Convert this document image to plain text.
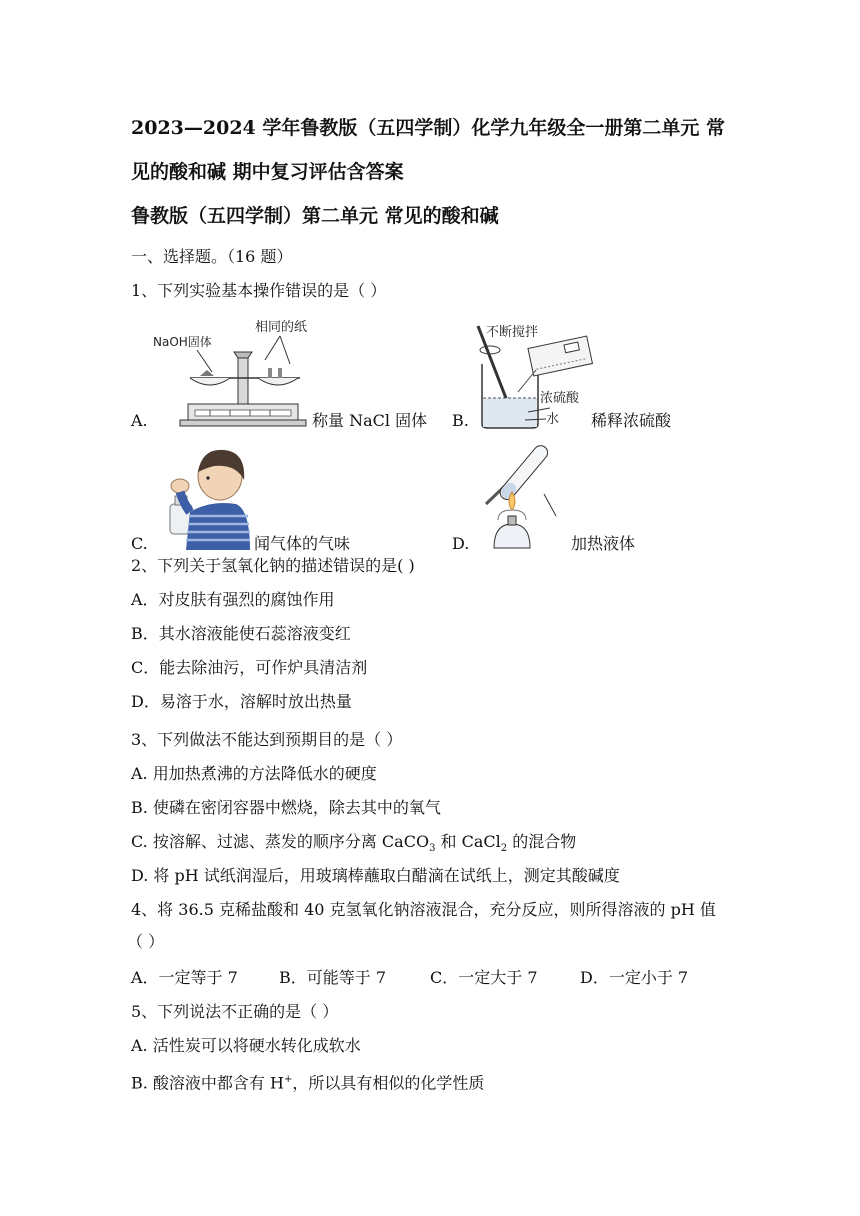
2023—2024 学年鲁教版（五四学制）化学九年级全一册第二单元 常
见的酸和碱 期中复习评估含答案
鲁教版（五四学制）第二单元 常见的酸和碱
一、选择题。（16 题）
1、下列实验基本操作错误的是（ ）
A.
NaOH固体
相同的纸
称量 NaCl 固体 B.
不断搅拌
浓硫酸
水 稀释浓硫酸
C.	闻气体的气味	D.	加热液体
2、下列关于氢氧化钠的描述错误的是( )
A．对皮肤有强烈的腐蚀作用
B．其水溶液能使石蕊溶液变红
C．能去除油污，可作炉具清洁剂
D．易溶于水，溶解时放出热量
3、下列做法不能达到预期目的是（ ）
A. 用加热煮沸的方法降低水的硬度
B. 使磷在密闭容器中燃烧，除去其中的氧气
C. 按溶解、过滤、蒸发的顺序分离 CaCO$_3$ 和 CaCl$_2$ 的混合物
D. 将 pH 试纸润湿后，用玻璃棒蘸取白醋滴在试纸上，测定其酸碱度
4、将 36.5 克稀盐酸和 40 克氢氧化钠溶液混合，充分反应，则所得溶液的 pH 值
（ ）
A．一定等于 7	B．可能等于 7	C．一定大于 7	D．一定小于 7
5、下列说法不正确的是（ ）
A. 活性炭可以将硬水转化成软水
B. 酸溶液中都含有 H+，所以具有相似的化学性质
